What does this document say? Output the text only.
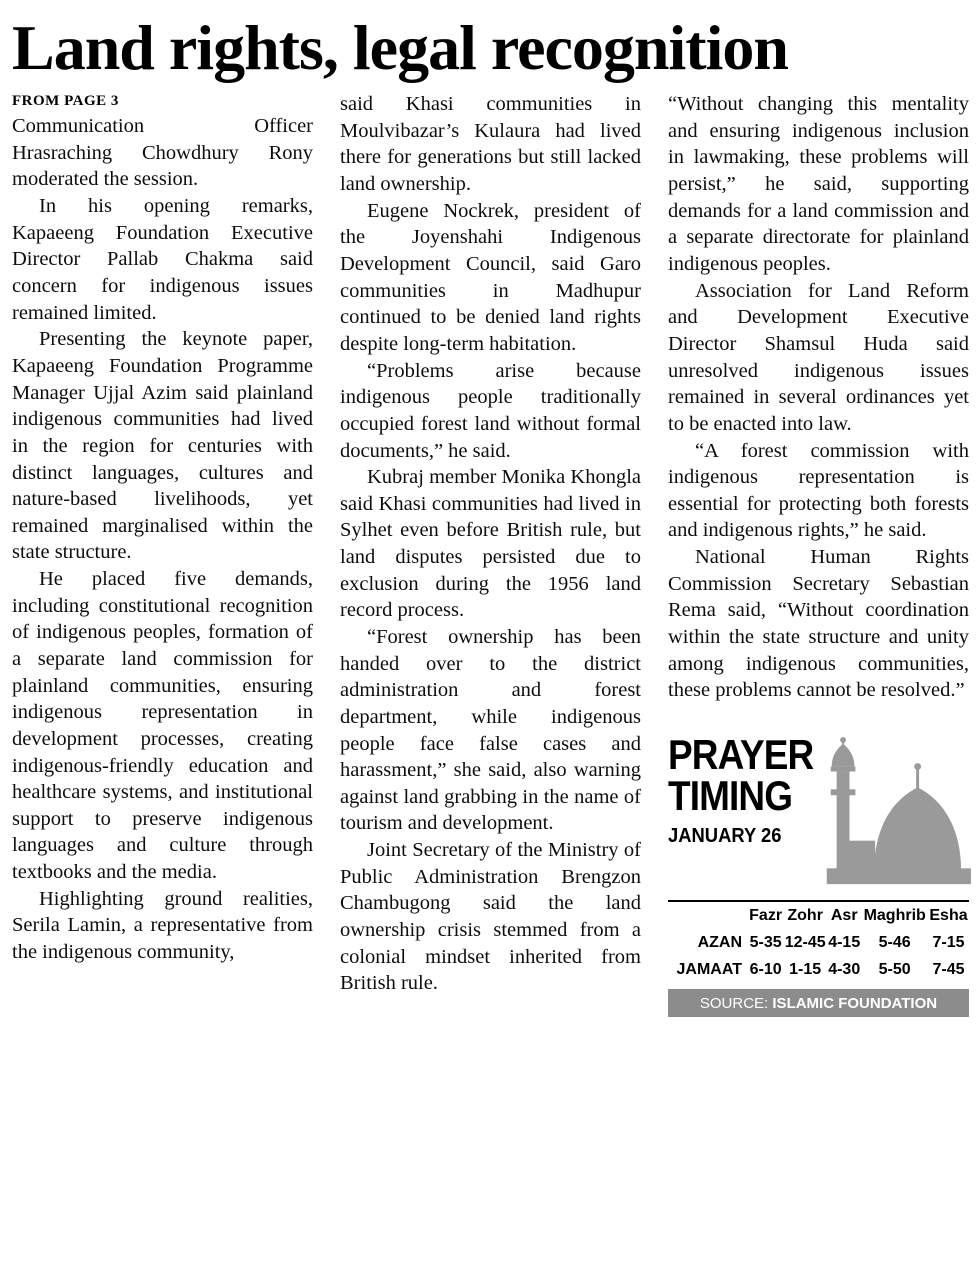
Land rights, legal recognition
FROM PAGE 3

Communication Officer Hrasraching Chowdhury Rony moderated the session.

In his opening remarks, Kapaeeng Foundation Executive Director Pallab Chakma said concern for indigenous issues remained limited.

Presenting the keynote paper, Kapaeeng Foundation Programme Manager Ujjal Azim said plainland indigenous communities had lived in the region for centuries with distinct languages, cultures and nature-based livelihoods, yet remained marginalised within the state structure.

He placed five demands, including constitutional recognition of indigenous peoples, formation of a separate land commission for plainland communities, ensuring indigenous representation in development processes, creating indigenous-friendly education and healthcare systems, and institutional support to preserve indigenous languages and culture through textbooks and the media.

Highlighting ground realities, Serila Lamin, a representative from the indigenous community,

said Khasi communities in Moulvibazar’s Kulaura had lived there for generations but still lacked land ownership.

Eugene Nockrek, president of the Joyenshahi Indigenous Development Council, said Garo communities in Madhupur continued to be denied land rights despite long-term habitation.

“Problems arise because indigenous people traditionally occupied forest land without formal documents,” he said.

Kubraj member Monika Khongla said Khasi communities had lived in Sylhet even before British rule, but land disputes persisted due to exclusion during the 1956 land record process.

“Forest ownership has been handed over to the district administration and forest department, while indigenous people face false cases and harassment,” she said, also warning against land grabbing in the name of tourism and development.

Joint Secretary of the Ministry of Public Administration Brengzon Chambugong said the land ownership crisis stemmed from a colonial mindset inherited from British rule.

“Without changing this mentality and ensuring indigenous inclusion in lawmaking, these problems will persist,” he said, supporting demands for a land commission and a separate directorate for plainland indigenous peoples.

Association for Land Reform and Development Executive Director Shamsul Huda said unresolved indigenous issues remained in several ordinances yet to be enacted into law.

“A forest commission with indigenous representation is essential for protecting both forests and indigenous rights,” he said.

National Human Rights Commission Secretary Sebastian Rema said, “Without coordination within the state structure and unity among indigenous communities, these problems cannot be resolved.”

PRAYER
TIMING
JANUARY 26
	Fazr	Zohr	Asr	Maghrib	Esha
AZAN	5-35	12-45	4-15	5-46	7-15
JAMAAT	6-10	1-15	4-30	5-50	7-45
SOURCE: ISLAMIC FOUNDATION
